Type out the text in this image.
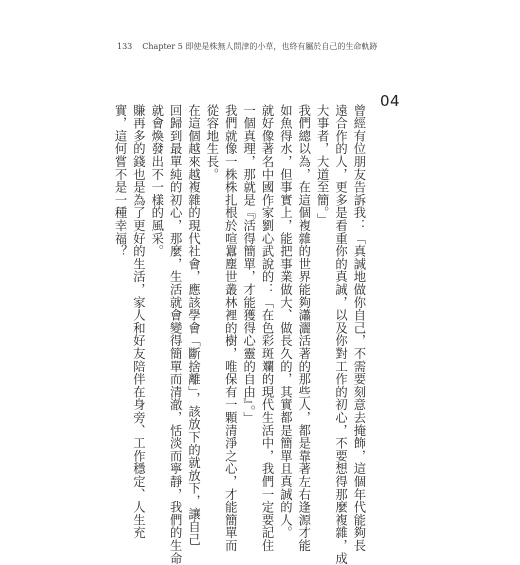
133 Chapter 5 即使是株無人問津的小草，也終有屬於自己的生命軌跡
04
曾經有位朋友告訴我：「真誠地做你自己，不需要刻意去掩飾，這個年代能夠長
遠合作的人，更多是看重你的真誠，以及你對工作的初心，不要想得那麼複雜，成
大事者，大道至簡。」
我們總以為，在這個複雜的世界能夠瀟灑活著的那些人，都是靠著左右逢源才能
如魚得水，但事實上，能把事業做大、做長久的，其實都是簡單且真誠的人。
就好像著名中國作家劉心武說的：「在色彩斑斕的現代生活中，我們一定要記住
一個真理，那就是『活得簡單，才能獲得心靈的自由』。」
我們就像一株株扎根於喧囂塵世叢林裡的樹，唯保有一顆清淨之心，才能簡單而
從容地生長。
在這個越來越複雜的現代社會，應該學會「斷捨離」，該放下的就放下，讓自己
回歸到最單純的初心，那麼，生活就會變得簡單而清澈，恬淡而寧靜，我們的生命
就會煥發出不一樣的風采。
賺再多的錢也是為了更好的生活，家人和好友陪伴在身旁、工作穩定、人生充
實，這何嘗不是一種幸福？
